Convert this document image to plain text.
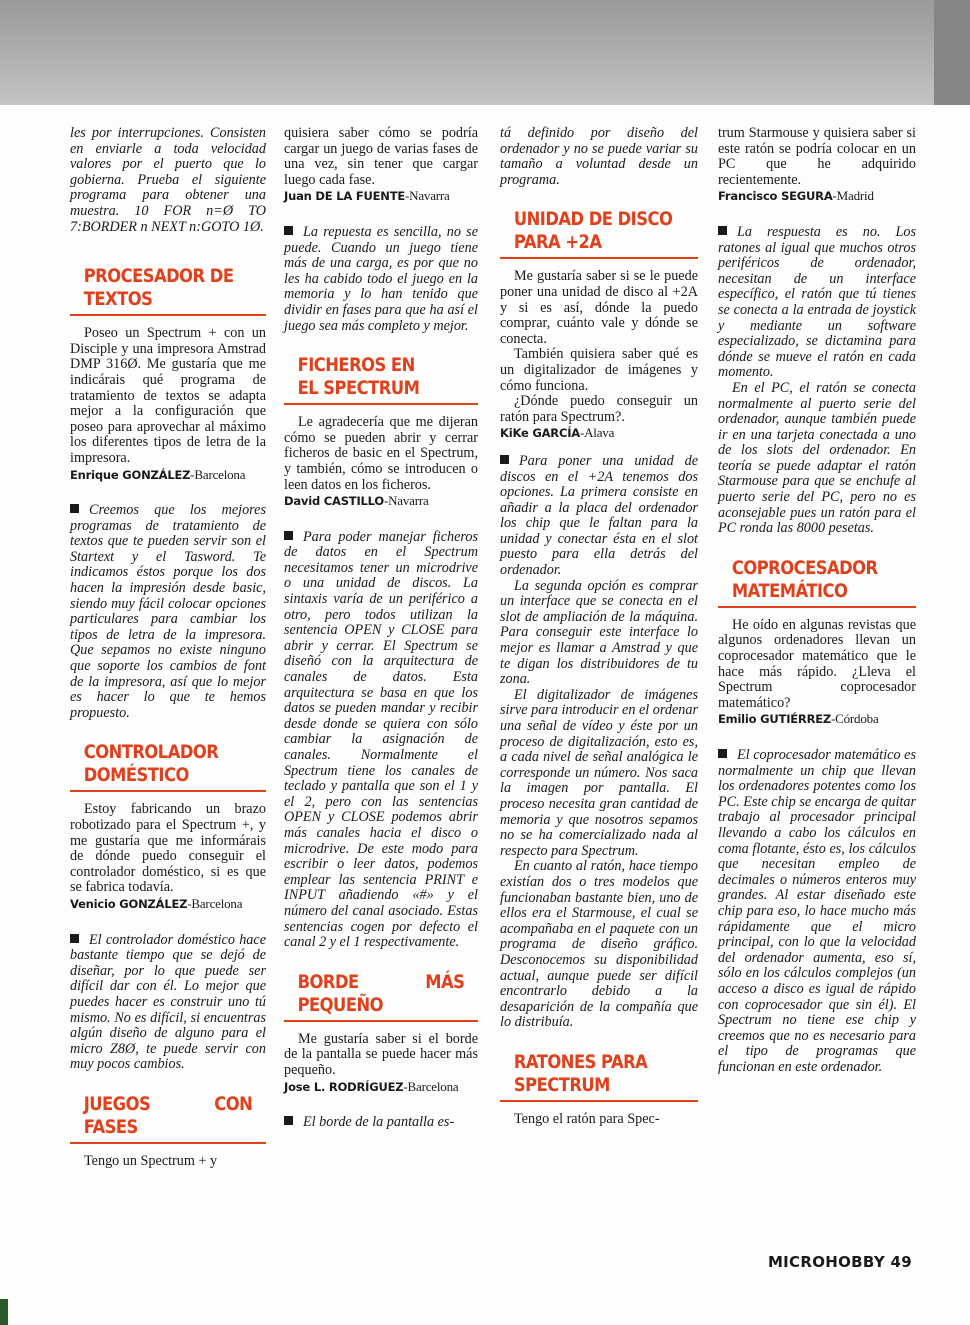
les por interrupciones. Consisten en enviarle a toda velocidad valores por el puerto que lo gobierna. Prueba el siguiente programa para obtener una muestra. 10 FOR n=Ø TO 7:BORDER n NEXT n:GOTO 1Ø.

PROCESADOR DE

TEXTOS

Poseo un Spectrum + con un Disciple y una impresora Amstrad DMP 316Ø. Me gustaría que me indicárais qué programa de tratamiento de textos se adapta mejor a la configuración que poseo para aprovechar al máximo los diferentes tipos de letra de la impresora.

Enrique GONZÁLEZ-Barcelona

Creemos que los mejores programas de tratamiento de textos que te pueden servir son el Startext y el Tasword. Te indicamos éstos porque los dos hacen la impresión desde basic, siendo muy fácil colocar opciones particulares para cambiar los tipos de letra de la impresora. Que sepamos no existe ninguno que soporte los cambios de font de la impresora, así que lo mejor es hacer lo que te hemos propuesto.

CONTROLADOR

DOMÉSTICO

Estoy fabricando un brazo robotizado para el Spectrum +, y me gustaría que me informárais de dónde puedo conseguir el controlador doméstico, si es que se fabrica todavía.

Venicio GONZÁLEZ-Barcelona

El controlador doméstico hace bastante tiempo que se dejó de diseñar, por lo que puede ser difícil dar con él. Lo mejor que puedes hacer es construir uno tú mismo. No es difícil, si encuentras algún diseño de alguno para el micro Z8Ø, te puede servir con muy pocos cambios.

JUEGOS CON FASES

Tengo un Spectrum + y

quisiera saber cómo se podría cargar un juego de varias fases de una vez, sin tener que cargar luego cada fase.

Juan DE LA FUENTE-Navarra

La repuesta es sencilla, no se puede. Cuando un juego tiene más de una carga, es por que no les ha cabido todo el juego en la memoria y lo han tenido que dividir en fases para que ha así el juego sea más completo y mejor.

FICHEROS EN

EL SPECTRUM

Le agradecería que me dijeran cómo se pueden abrir y cerrar ficheros de basic en el Spectrum, y también, cómo se introducen o leen datos en los ficheros.

David CASTILLO-Navarra

Para poder manejar ficheros de datos en el Spectrum necesitamos tener un microdrive o una unidad de discos. La sintaxis varía de un periférico a otro, pero todos utilizan la sentencia OPEN y CLOSE para abrir y cerrar. El Spectrum se diseñó con la arquitectura de canales de datos. Esta arquitectura se basa en que los datos se pueden mandar y recibir desde donde se quiera con sólo cambiar la asignación de canales. Normalmente el Spectrum tiene los canales de teclado y pantalla que son el 1 y el 2, pero con las sentencias OPEN y CLOSE podemos abrir más canales hacia el disco o microdrive. De este modo para escribir o leer datos, podemos emplear las sentencia PRINT e INPUT añadiendo «#» y el número del canal asociado. Estas sentencias cogen por defecto el canal 2 y el 1 respectivamente.

BORDE MÁS PEQUEÑO

Me gustaría saber si el borde de la pantalla se puede hacer más pequeño.

Jose L. RODRÍGUEZ-Barcelona

El borde de la pantalla es-

tá definido por diseño del ordenador y no se puede variar su tamaño a voluntad desde un programa.

UNIDAD DE DISCO

PARA +2A

Me gustaría saber si se le puede poner una unidad de disco al +2A y si es así, dónde la puedo comprar, cuánto vale y dónde se conecta.

También quisiera saber qué es un digitalizador de imágenes y cómo funciona.

¿Dónde puedo conseguir un ratón para Spectrum?.

KiKe GARCÍA-Alava

Para poner una unidad de discos en el +2A tenemos dos opciones. La primera consiste en añadir a la placa del ordenador los chip que le faltan para la unidad y conectar ésta en el slot puesto para ella detrás del ordenador.

La segunda opción es comprar un interface que se conecta en el slot de ampliación de la máquina. Para conseguir este interface lo mejor es llamar a Amstrad y que te digan los distribuidores de tu zona.

El digitalizador de imágenes sirve para introducir en el ordenar una señal de vídeo y éste por un proceso de digitalización, esto es, a cada nivel de señal analógica le corresponde un número. Nos saca la imagen por pantalla. El proceso necesita gran cantidad de memoria y que nosotros sepamos no se ha comercializado nada al respecto para Spectrum.

En cuanto al ratón, hace tiempo existían dos o tres modelos que funcionaban bastante bien, uno de ellos era el Starmouse, el cual se acompañaba en el paquete con un programa de diseño gráfico. Desconocemos su disponibilidad actual, aunque puede ser difícil encontrarlo debido a la desaparición de la compañía que lo distribuía.

RATONES PARA

SPECTRUM

Tengo el ratón para Spec-

trum Starmouse y quisiera saber si este ratón se podría colocar en un PC que he adquirido recientemente.

Francisco SEGURA-Madrid

La respuesta es no. Los ratones al igual que muchos otros periféricos de ordenador, necesitan de un interface específico, el ratón que tú tienes se conecta a la entrada de joystick y mediante un software especializado, se dictamina para dónde se mueve el ratón en cada momento.

En el PC, el ratón se conecta normalmente al puerto serie del ordenador, aunque también puede ir en una tarjeta conectada a uno de los slots del ordenador. En teoría se puede adaptar el ratón Starmouse para que se enchufe al puerto serie del PC, pero no es aconsejable pues un ratón para el PC ronda las 8000 pesetas.

COPROCESADOR

MATEMÁTICO

He oído en algunas revistas que algunos ordenadores llevan un coprocesador matemático que le hace más rápido. ¿Lleva el Spectrum coprocesador matemático?

Emilio GUTIÉRREZ-Córdoba

El coprocesador matemático es normalmente un chip que llevan los ordenadores potentes como los PC. Este chip se encarga de quitar trabajo al procesador principal llevando a cabo los cálculos en coma flotante, ésto es, los cálculos que necesitan empleo de decimales o números enteros muy grandes. Al estar diseñado este chip para eso, lo hace mucho más rápidamente que el micro principal, con lo que la velocidad del ordenador aumenta, eso sí, sólo en los cálculos complejos (un acceso a disco es igual de rápido con coprocesador que sin él). El Spectrum no tiene ese chip y creemos que no es necesario para el tipo de programas que funcionan en este ordenador.

MICROHOBBY 49
